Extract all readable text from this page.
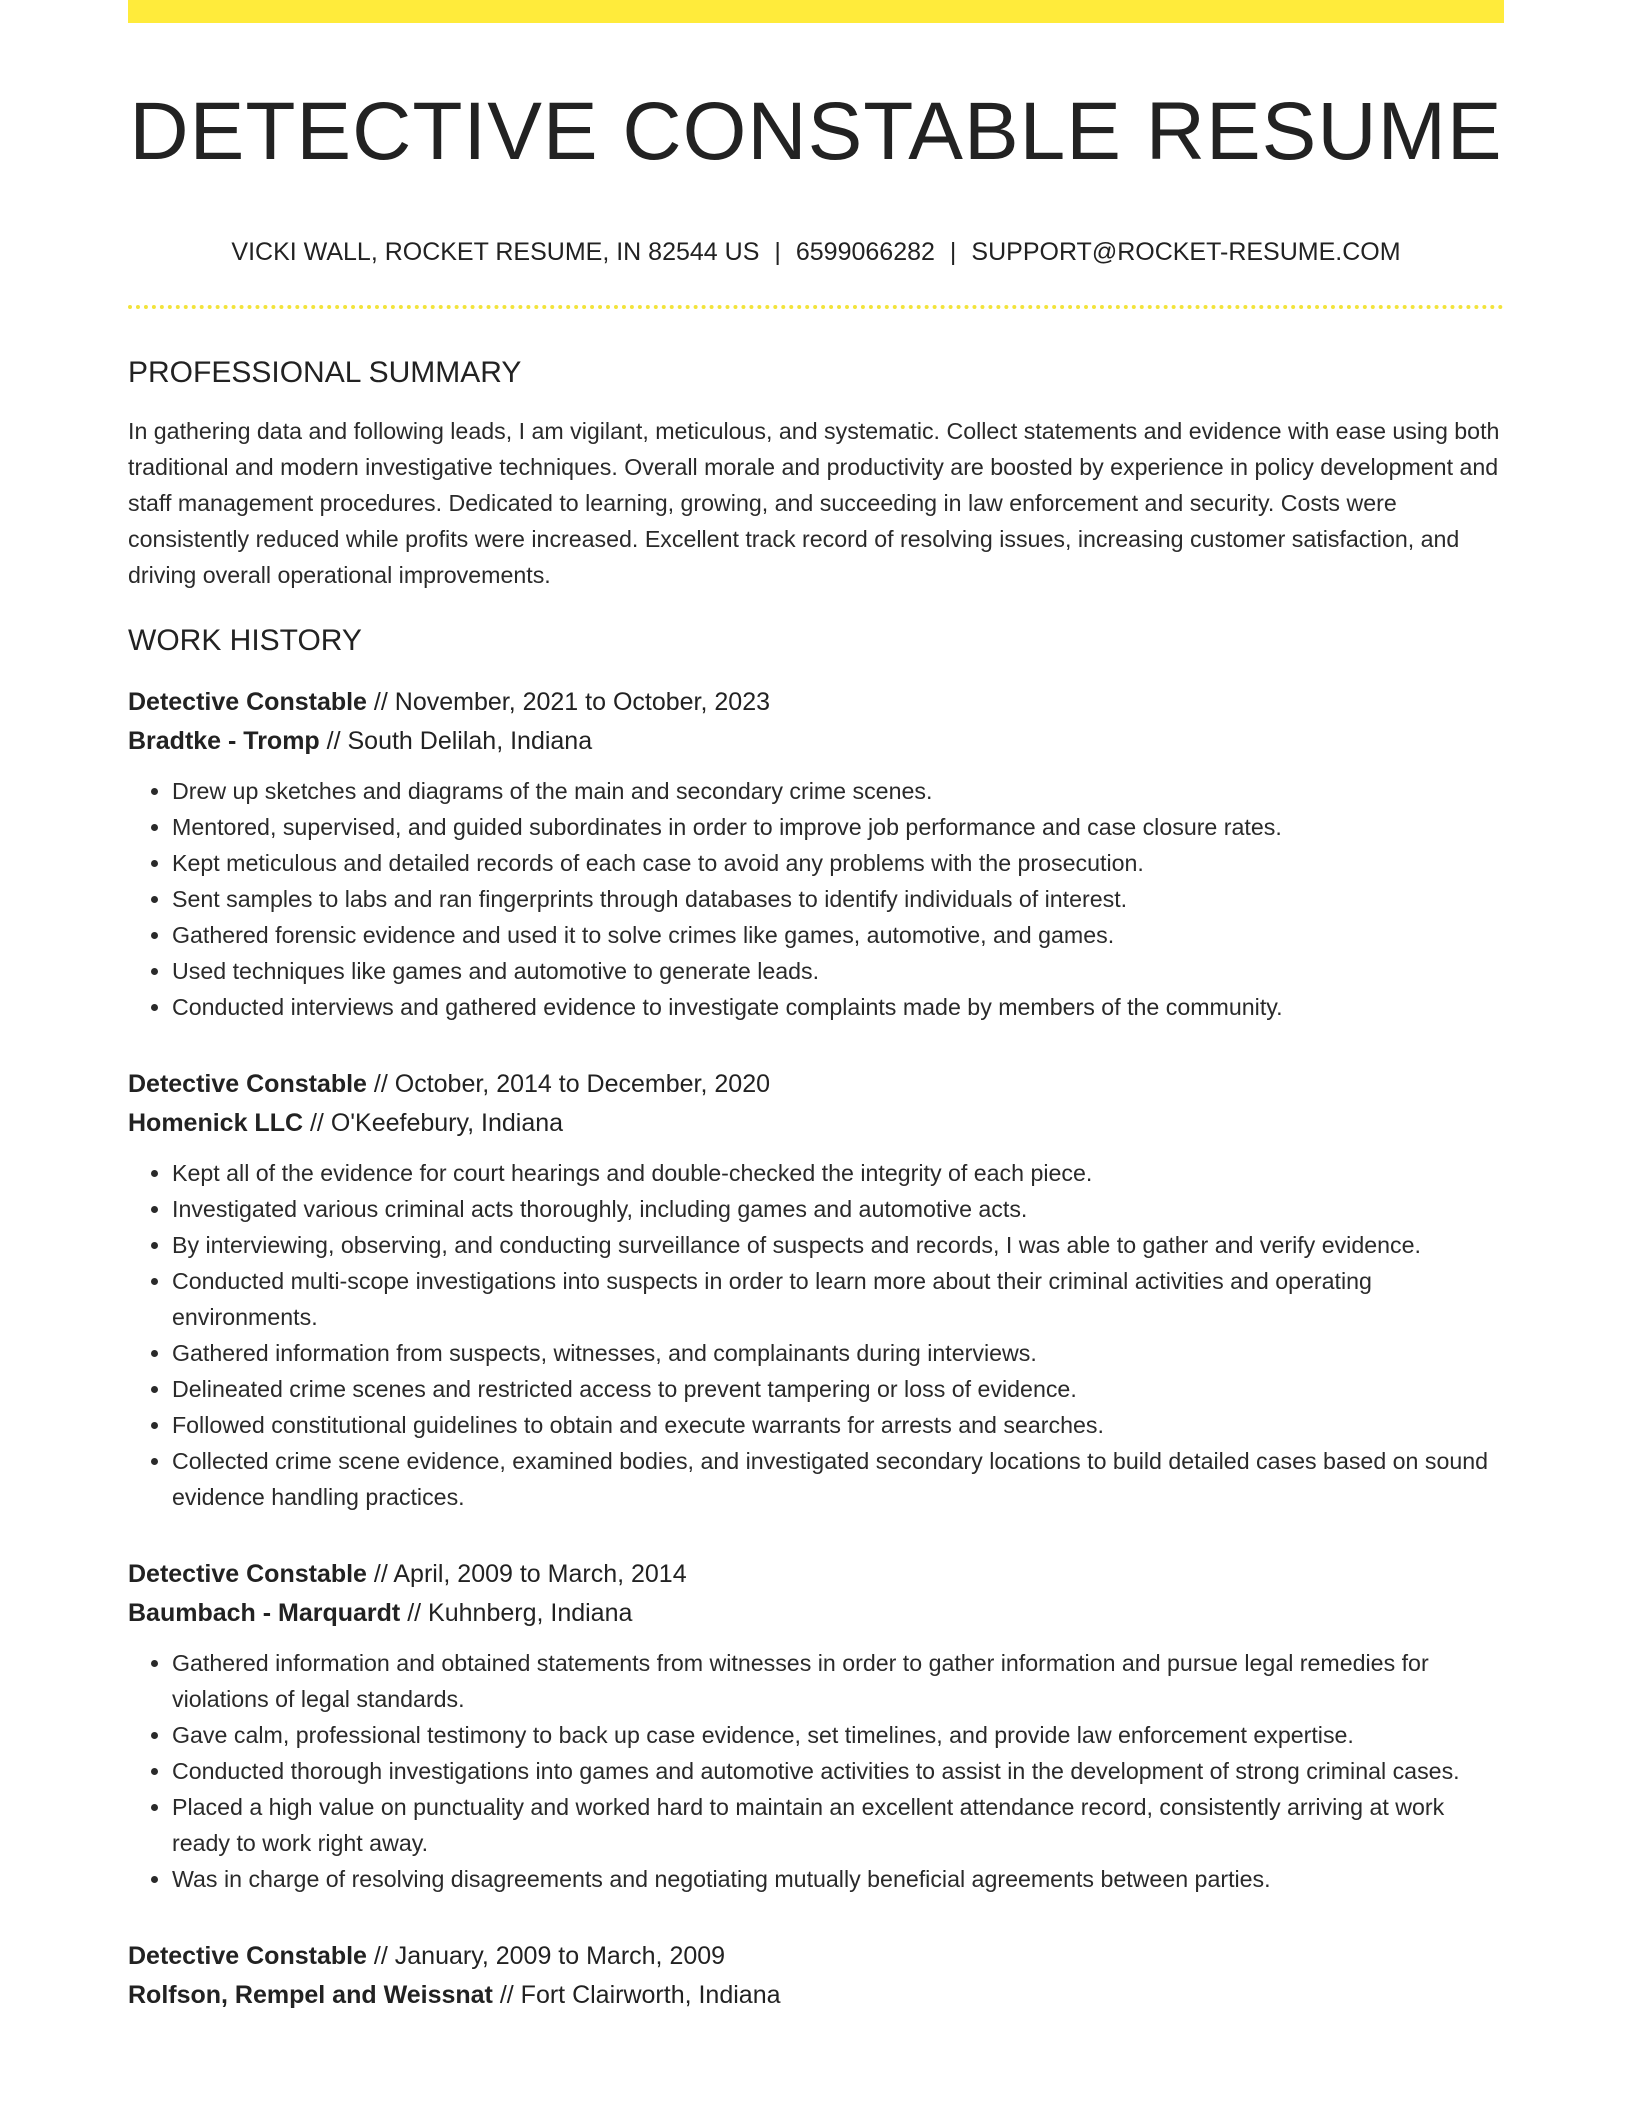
DETECTIVE CONSTABLE RESUME
VICKI WALL, ROCKET RESUME, IN 82544 US | 6599066282 | SUPPORT@ROCKET-RESUME.COM
PROFESSIONAL SUMMARY

In gathering data and following leads, I am vigilant, meticulous, and systematic. Collect statements and evidence with ease using both traditional and modern investigative techniques. Overall morale and productivity are boosted by experience in policy development and staff management procedures. Dedicated to learning, growing, and succeeding in law enforcement and security. Costs were consistently reduced while profits were increased. Excellent track record of resolving issues, increasing customer satisfaction, and driving overall operational improvements.

WORK HISTORY
Detective Constable // November, 2021 to October, 2023
Bradtke - Tromp // South Delilah, Indiana
• Drew up sketches and diagrams of the main and secondary crime scenes.
• Mentored, supervised, and guided subordinates in order to improve job performance and case closure rates.
• Kept meticulous and detailed records of each case to avoid any problems with the prosecution.
• Sent samples to labs and ran fingerprints through databases to identify individuals of interest.
• Gathered forensic evidence and used it to solve crimes like games, automotive, and games.
• Used techniques like games and automotive to generate leads.
• Conducted interviews and gathered evidence to investigate complaints made by members of the community.
Detective Constable // October, 2014 to December, 2020
Homenick LLC // O'Keefebury, Indiana
• Kept all of the evidence for court hearings and double-checked the integrity of each piece.
• Investigated various criminal acts thoroughly, including games and automotive acts.
• By interviewing, observing, and conducting surveillance of suspects and records, I was able to gather and verify evidence.
• Conducted multi-scope investigations into suspects in order to learn more about their criminal activities and operating environments.
• Gathered information from suspects, witnesses, and complainants during interviews.
• Delineated crime scenes and restricted access to prevent tampering or loss of evidence.
• Followed constitutional guidelines to obtain and execute warrants for arrests and searches.
• Collected crime scene evidence, examined bodies, and investigated secondary locations to build detailed cases based on sound evidence handling practices.
Detective Constable // April, 2009 to March, 2014
Baumbach - Marquardt // Kuhnberg, Indiana
• Gathered information and obtained statements from witnesses in order to gather information and pursue legal remedies for violations of legal standards.
• Gave calm, professional testimony to back up case evidence, set timelines, and provide law enforcement expertise.
• Conducted thorough investigations into games and automotive activities to assist in the development of strong criminal cases.
• Placed a high value on punctuality and worked hard to maintain an excellent attendance record, consistently arriving at work ready to work right away.
• Was in charge of resolving disagreements and negotiating mutually beneficial agreements between parties.
Detective Constable // January, 2009 to March, 2009
Rolfson, Rempel and Weissnat // Fort Clairworth, Indiana
